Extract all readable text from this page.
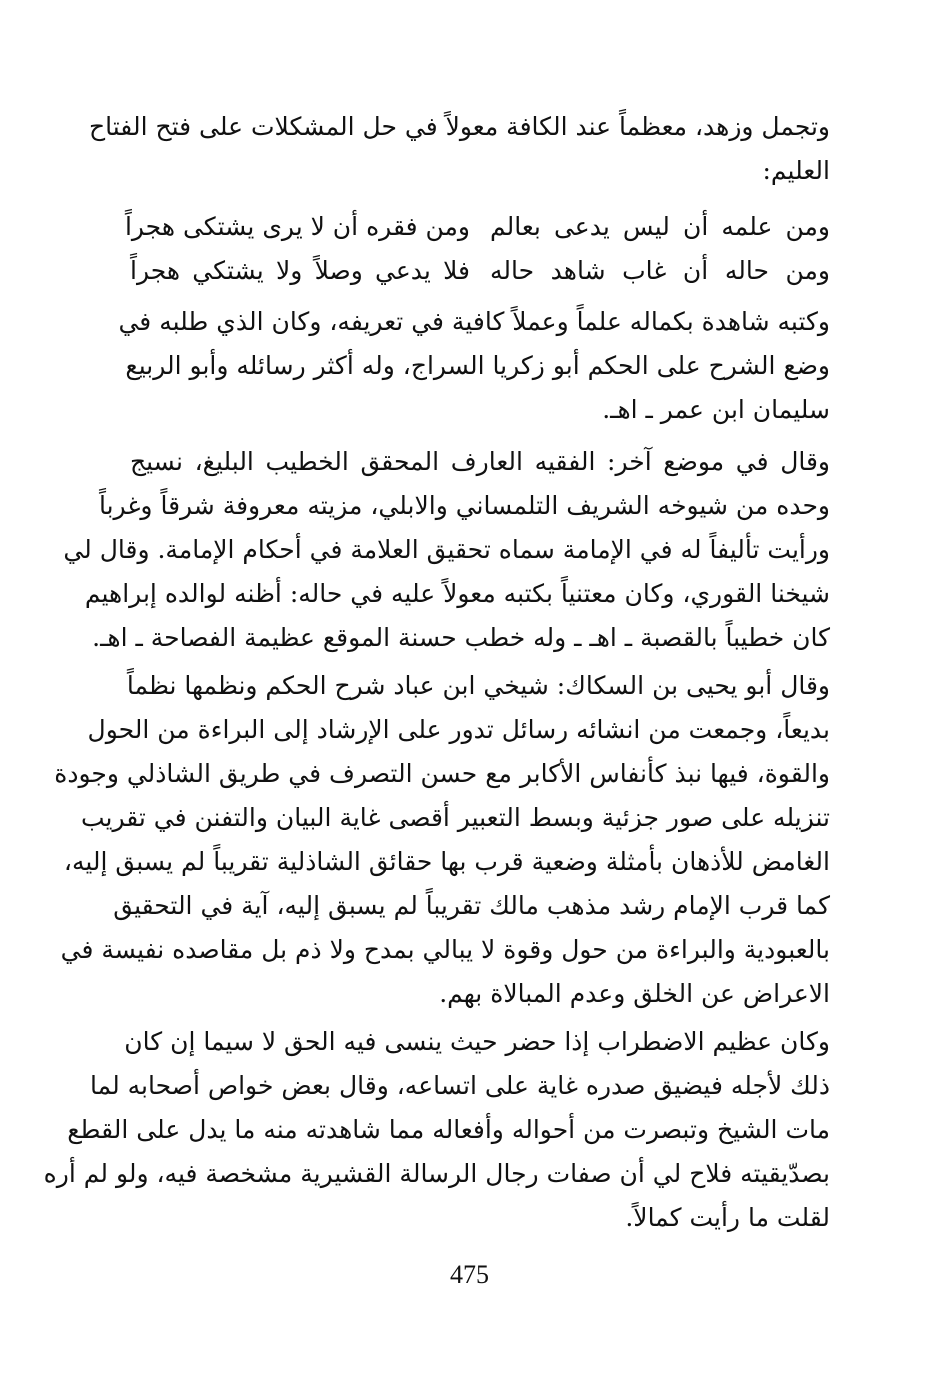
وتجمل وزهد، معظماً عند الكافة معولاً في حل المشكلات على فتح الفتاح
العليم:
ومن علمه أن ليس يدعى بعالم
ومن فقره أن لا يرى يشتكى هجراً
ومن حاله أن غاب شاهد حاله
فلا يدعي وصلاً ولا يشتكي هجراً
وكتبه شاهدة بكماله علماً وعملاً كافية في تعريفه، وكان الذي طلبه في
وضع الشرح على الحكم أبو زكريا السراج، وله أكثر رسائله وأبو الربيع
سليمان ابن عمر ـ اهـ.
وقال في موضع آخر: الفقيه العارف المحقق الخطيب البليغ، نسيج
وحده من شيوخه الشريف التلمساني والابلي، مزيته معروفة شرقاً وغرباً
ورأيت تأليفاً له في الإمامة سماه تحقيق العلامة في أحكام الإمامة. وقال لي
شيخنا القوري، وكان معتنياً بكتبه معولاً عليه في حاله: أظنه لوالده إبراهيم
كان خطيباً بالقصبة ـ اهـ ـ وله خطب حسنة الموقع عظيمة الفصاحة ـ اهـ.
وقال أبو يحيى بن السكاك: شيخي ابن عباد شرح الحكم ونظمها نظماً
بديعاً، وجمعت من انشائه رسائل تدور على الإرشاد إلى البراءة من الحول
والقوة، فيها نبذ كأنفاس الأكابر مع حسن التصرف في طريق الشاذلي وجودة
تنزيله على صور جزئية وبسط التعبير أقصى غاية البيان والتفنن في تقريب
الغامض للأذهان بأمثلة وضعية قرب بها حقائق الشاذلية تقريباً لم يسبق إليه،
كما قرب الإمام رشد مذهب مالك تقريباً لم يسبق إليه، آية في التحقيق
بالعبودية والبراءة من حول وقوة لا يبالي بمدح ولا ذم بل مقاصده نفيسة في
الاعراض عن الخلق وعدم المبالاة بهم.
وكان عظيم الاضطراب إذا حضر حيث ينسى فيه الحق لا سيما إن كان
ذلك لأجله فيضيق صدره غاية على اتساعه، وقال بعض خواص أصحابه لما
مات الشيخ وتبصرت من أحواله وأفعاله مما شاهدته منه ما يدل على القطع
بصدّيقيته فلاح لي أن صفات رجال الرسالة القشيرية مشخصة فيه، ولو لم أره
لقلت ما رأيت كمالاً.
475
